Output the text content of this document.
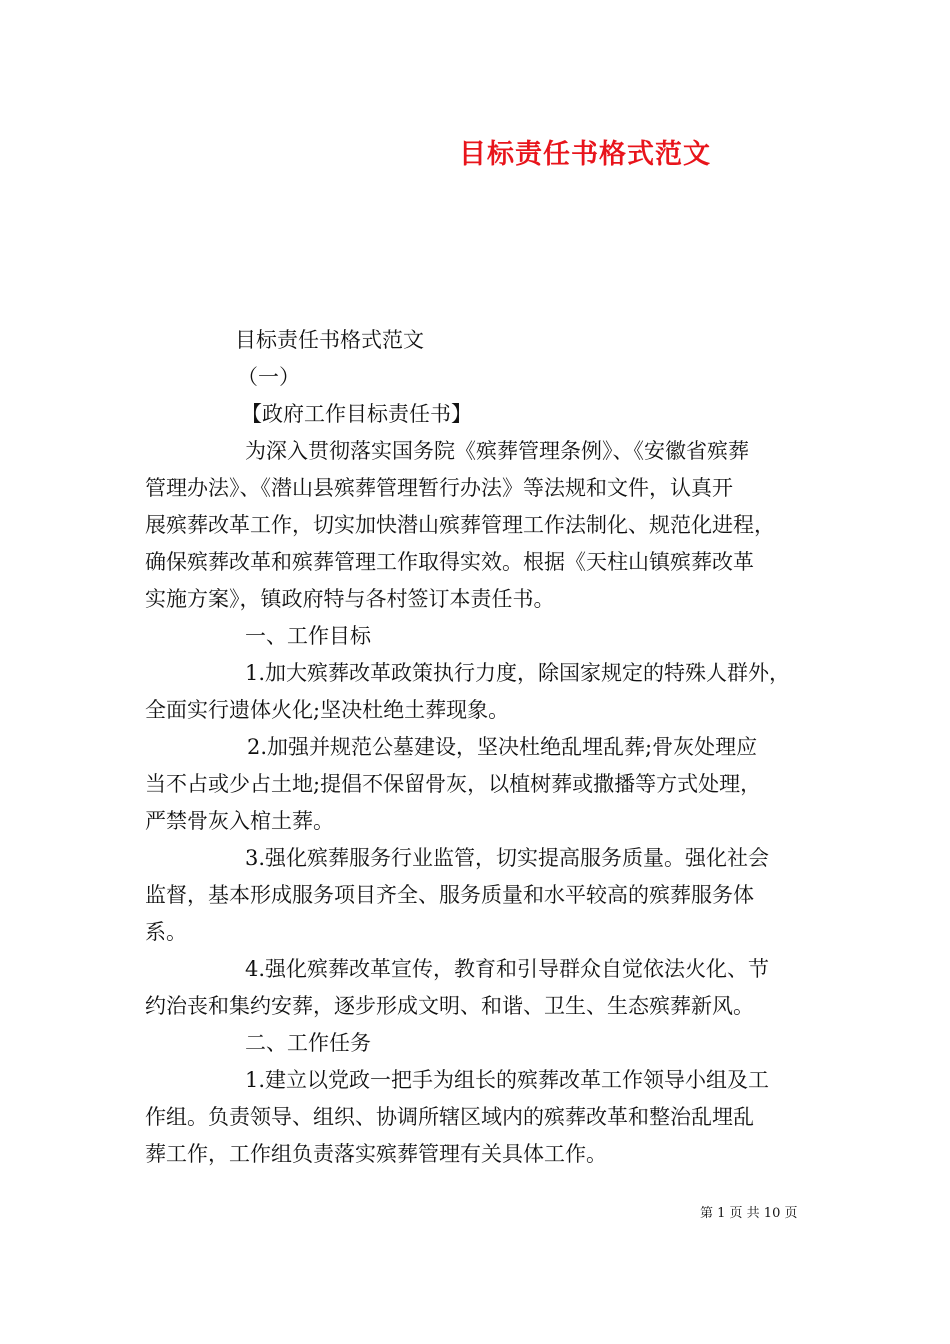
目标责任书格式范文

目标责任书格式范文

（一）

【政府工作目标责任书】

为深入贯彻落实国务院《殡葬管理条例》、《安徽省殡葬

管理办法》、《潜山县殡葬管理暂行办法》等法规和文件，认真开

展殡葬改革工作，切实加快潜山殡葬管理工作法制化、规范化进程，

确保殡葬改革和殡葬管理工作取得实效。根据《天柱山镇殡葬改革

实施方案》，镇政府特与各村签订本责任书。

一、工作目标

1.加大殡葬改革政策执行力度，除国家规定的特殊人群外，

全面实行遗体火化;坚决杜绝土葬现象。

2.加强并规范公墓建设，坚决杜绝乱埋乱葬;骨灰处理应

当不占或少占土地;提倡不保留骨灰，以植树葬或撒播等方式处理，

严禁骨灰入棺土葬。

3.强化殡葬服务行业监管，切实提高服务质量。强化社会

监督，基本形成服务项目齐全、服务质量和水平较高的殡葬服务体

系。

4.强化殡葬改革宣传，教育和引导群众自觉依法火化、节

约治丧和集约安葬，逐步形成文明、和谐、卫生、生态殡葬新风。

二、工作任务

1.建立以党政一把手为组长的殡葬改革工作领导小组及工

作组。负责领导、组织、协调所辖区域内的殡葬改革和整治乱埋乱

葬工作，工作组负责落实殡葬管理有关具体工作。

第 1 页 共 10 页
